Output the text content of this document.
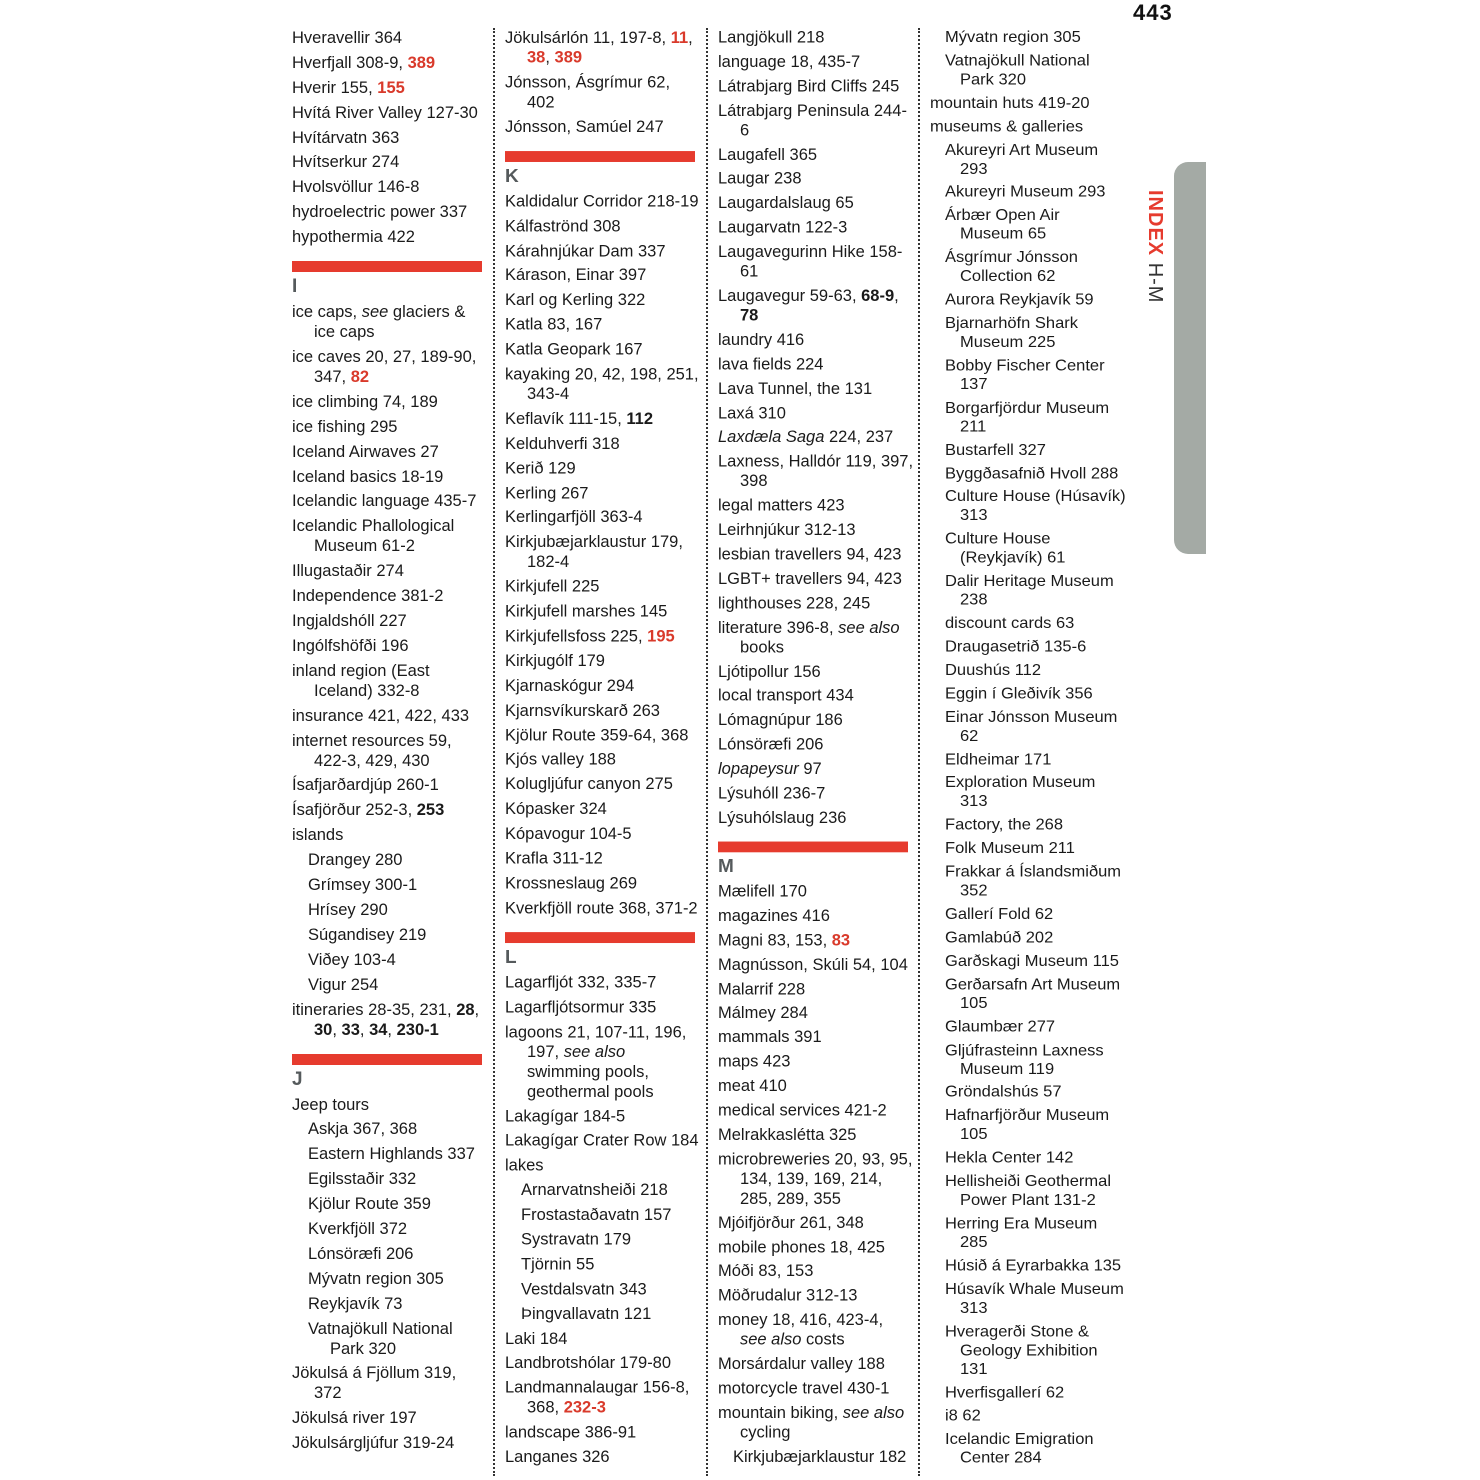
443
Hveravellir 364
Hverfjall 308-9, 389
Hverir 155, 155
Hvítá River Valley 127-30
Hvítárvatn 363
Hvítserkur 274
Hvolsvöllur 146-8
hydroelectric power 337
hypothermia 422
I
ice caps, see glaciers & ice caps
ice caves 20, 27, 189-90, 347, 82
ice climbing 74, 189
ice fishing 295
Iceland Airwaves 27
Iceland basics 18-19
Icelandic language 435-7
Icelandic Phallological Museum 61-2
Illugastaðir 274
Independence 381-2
Ingjaldshóll 227
Ingólfshöfði 196
inland region (East Iceland) 332-8
insurance 421, 422, 433
internet resources 59, 422-3, 429, 430
Ísafjarðardjúp 260-1
Ísafjörður 252-3, 253
islands
Drangey 280
Grímsey 300-1
Hrísey 290
Súgandisey 219
Viðey 103-4
Vigur 254
itineraries 28-35, 231, 28, 30, 33, 34, 230-1
J
Jeep tours
Askja 367, 368
Eastern Highlands 337
Egilsstaðir 332
Kjölur Route 359
Kverkfjöll 372
Lónsöræfi 206
Mývatn region 305
Reykjavík 73
Vatnajökull National Park 320
Jökulsá á Fjöllum 319, 372
Jökulsá river 197
Jökulsárgljúfur 319-24
Jökulsárlón 11, 197-8, 11, 38, 389
Jónsson, Ásgrímur 62, 402
Jónsson, Samúel 247
K
Kaldidalur Corridor 218-19
Kálfaströnd 308
Kárahnjúkar Dam 337
Kárason, Einar 397
Karl og Kerling 322
Katla 83, 167
Katla Geopark 167
kayaking 20, 42, 198, 251, 343-4
Keflavík 111-15, 112
Kelduhverfi 318
Kerið 129
Kerling 267
Kerlingarfjöll 363-4
Kirkjubæjarklaustur 179, 182-4
Kirkjufell 225
Kirkjufell marshes 145
Kirkjufellsfoss 225, 195
Kirkjugólf 179
Kjarnaskógur 294
Kjarnsvíkurskarð 263
Kjölur Route 359-64, 368
Kjós valley 188
Kolugljúfur canyon 275
Kópasker 324
Kópavogur 104-5
Krafla 311-12
Krossneslaug 269
Kverkfjöll route 368, 371-2
L
Lagarfljót 332, 335-7
Lagarfljótsormur 335
lagoons 21, 107-11, 196, 197, see also swimming pools, geothermal pools
Lakagígar 184-5
Lakagígar Crater Row 184
lakes
Arnarvatnsheiði 218
Frostastaðavatn 157
Systravatn 179
Tjörnin 55
Vestdalsvatn 343
Þingvallavatn 121
Laki 184
Landbrotshólar 179-80
Landmannalaugar 156-8, 368, 232-3
landscape 386-91
Langanes 326
Langjökull 218
language 18, 435-7
Látrabjarg Bird Cliffs 245
Látrabjarg Peninsula 244-6
Laugafell 365
Laugar 238
Laugardalslaug 65
Laugarvatn 122-3
Laugavegurinn Hike 158-61
Laugavegur 59-63, 68-9, 78
laundry 416
lava fields 224
Lava Tunnel, the 131
Laxá 310
Laxdæla Saga 224, 237
Laxness, Halldór 119, 397, 398
legal matters 423
Leirhnjúkur 312-13
lesbian travellers 94, 423
LGBT+ travellers 94, 423
lighthouses 228, 245
literature 396-8, see also books
Ljótipollur 156
local transport 434
Lómagnúpur 186
Lónsöræfi 206
lopapeysur 97
Lýsuhóll 236-7
Lýsuhólslaug 236
M
Mælifell 170
magazines 416
Magni 83, 153, 83
Magnússon, Skúli 54, 104
Malarrif 228
Málmey 284
mammals 391
maps 423
meat 410
medical services 421-2
Melrakkaslétta 325
microbreweries 20, 93, 95, 134, 139, 169, 214, 285, 289, 355
Mjóifjörður 261, 348
mobile phones 18, 425
Móði 83, 153
Möðrudalur 312-13
money 18, 416, 423-4, see also costs
Morsárdalur valley 188
motorcycle travel 430-1
mountain biking, see also cycling
Kirkjubæjarklaustur 182
Mývatn region 305
Vatnajökull National Park 320
mountain huts 419-20
museums & galleries
Akureyri Art Museum 293
Akureyri Museum 293
Árbær Open Air Museum 65
Ásgrímur Jónsson Collection 62
Aurora Reykjavík 59
Bjarnarhöfn Shark Museum 225
Bobby Fischer Center 137
Borgarfjördur Museum 211
Bustarfell 327
Byggðasafnið Hvoll 288
Culture House (Húsavík) 313
Culture House (Reykjavík) 61
Dalir Heritage Museum 238
discount cards 63
Draugasetrið 135-6
Duushús 112
Eggin í Gleðivík 356
Einar Jónsson Museum 62
Eldheimar 171
Exploration Museum 313
Factory, the 268
Folk Museum 211
Frakkar á Íslandsmiðum 352
Gallerí Fold 62
Gamlabúð 202
Garðskagi Museum 115
Gerðarsafn Art Museum 105
Glaumbær 277
Gljúfrasteinn Laxness Museum 119
Gröndalshús 57
Hafnarfjörður Museum 105
Hekla Center 142
Hellisheiði Geothermal Power Plant 131-2
Herring Era Museum 285
Húsið á Eyrarbakka 135
Húsavík Whale Museum 313
Hveragerði Stone & Geology Exhibition 131
Hverfisgallerí 62
i8 62
Icelandic Emigration Center 284
INDEX H-M
